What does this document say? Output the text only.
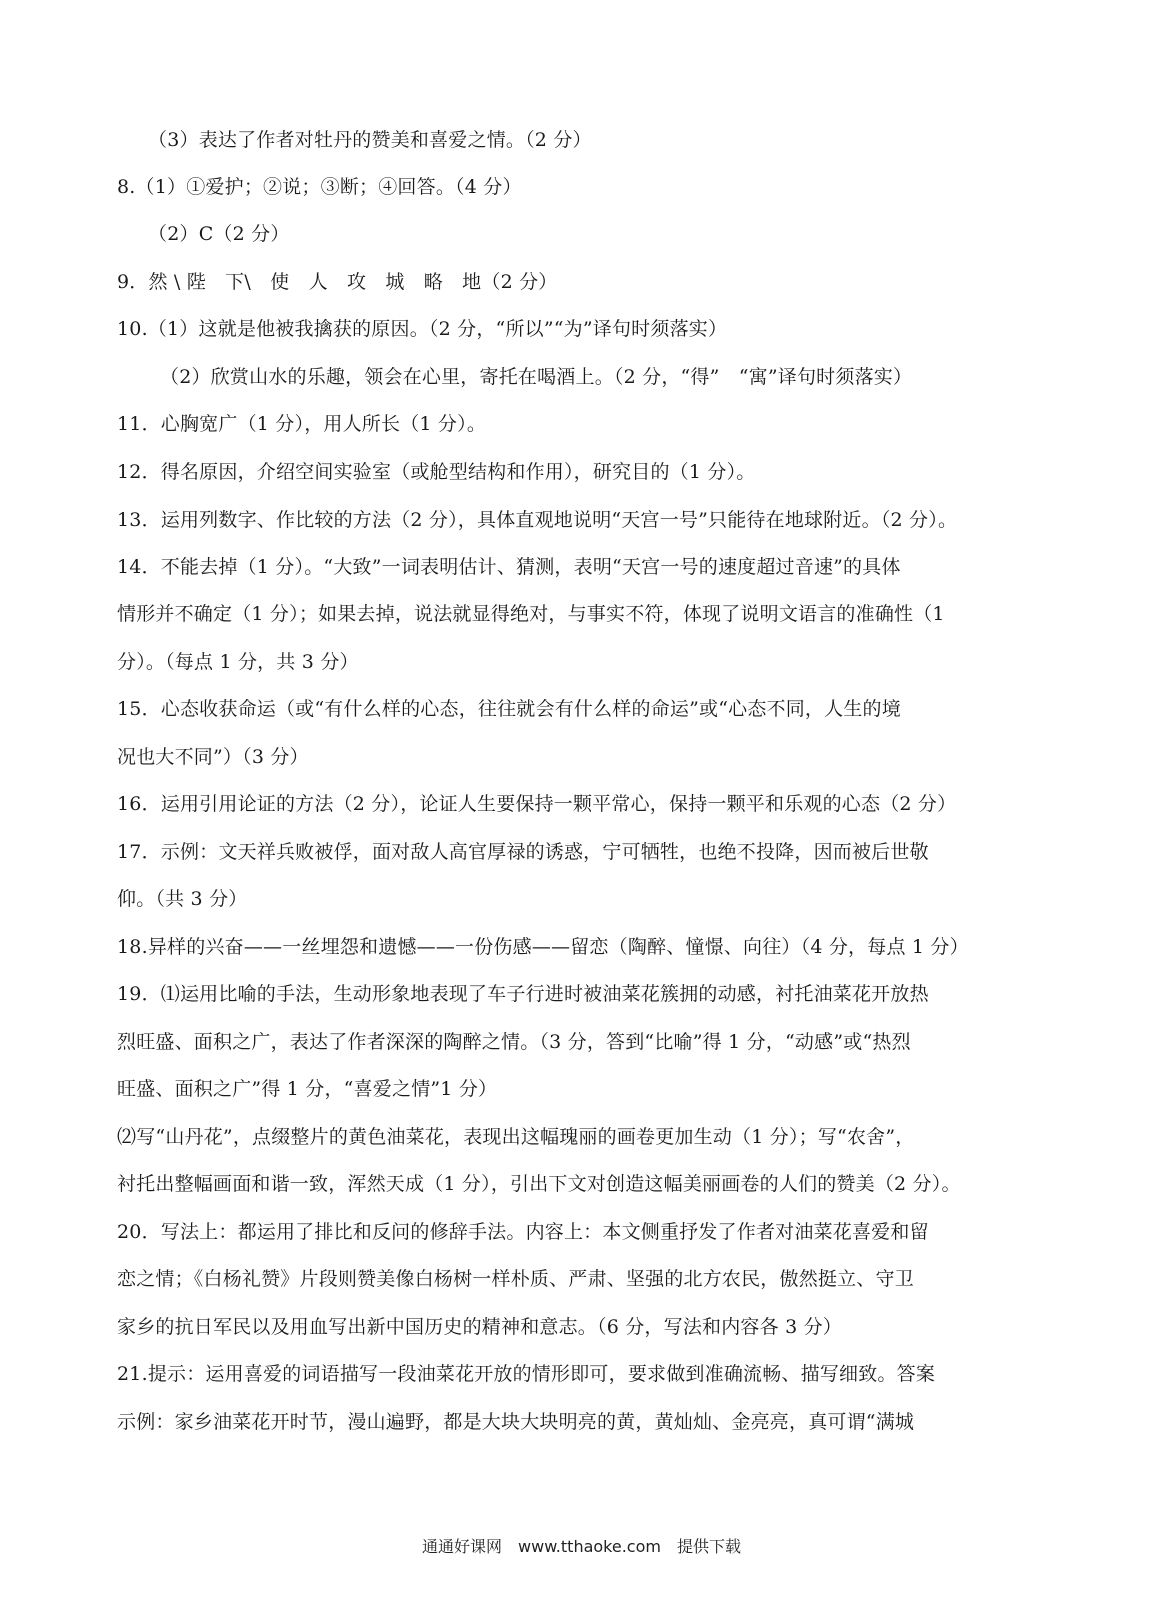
（3）表达了作者对牡丹的赞美和喜爱之情。（2 分）
8.（1）①爱护；②说；③断；④回答。（4 分）
（2）C（2 分）
9．然 \ 陛　下\　使　人　攻　城　略　地（2 分）
10.（1）这就是他被我擒获的原因。（2 分，“所以”“为”译句时须落实）
（2）欣赏山水的乐趣，领会在心里，寄托在喝酒上。（2 分，“得”　“寓”译句时须落实）
11．心胸宽广（1 分），用人所长（1 分）。
12．得名原因，介绍空间实验室（或舱型结构和作用），研究目的（1 分）。
13．运用列数字、作比较的方法（2 分），具体直观地说明“天宫一号”只能待在地球附近。（2 分）。
14．不能去掉（1 分）。“大致”一词表明估计、猜测，表明“天宫一号的速度超过音速”的具体
情形并不确定（1 分）；如果去掉，说法就显得绝对，与事实不符，体现了说明文语言的准确性（1
分）。（每点 1 分，共 3 分）
15．心态收获命运（或“有什么样的心态，往往就会有什么样的命运”或“心态不同，人生的境
况也大不同”）（3 分）
16．运用引用论证的方法（2 分），论证人生要保持一颗平常心，保持一颗平和乐观的心态（2 分）
17．示例：文天祥兵败被俘，面对敌人高官厚禄的诱惑，宁可牺牲，也绝不投降，因而被后世敬
仰。（共 3 分）
18.异样的兴奋——一丝埋怨和遗憾——一份伤感——留恋（陶醉、憧憬、向往）（4 分，每点 1 分）
19．⑴运用比喻的手法，生动形象地表现了车子行进时被油菜花簇拥的动感，衬托油菜花开放热
烈旺盛、面积之广，表达了作者深深的陶醉之情。（3 分，答到“比喻”得 1 分，“动感”或“热烈
旺盛、面积之广”得 1 分，“喜爱之情”1 分）
⑵写“山丹花”，点缀整片的黄色油菜花，表现出这幅瑰丽的画卷更加生动（1 分）；写“农舍”，
衬托出整幅画面和谐一致，浑然天成（1 分），引出下文对创造这幅美丽画卷的人们的赞美（2 分）。
20．写法上：都运用了排比和反问的修辞手法。内容上：本文侧重抒发了作者对油菜花喜爱和留
恋之情；《白杨礼赞》片段则赞美像白杨树一样朴质、严肃、坚强的北方农民，傲然挺立、守卫
家乡的抗日军民以及用血写出新中国历史的精神和意志。（6 分，写法和内容各 3 分）
21.提示：运用喜爱的词语描写一段油菜花开放的情形即可，要求做到准确流畅、描写细致。答案
示例：家乡油菜花开时节，漫山遍野，都是大块大块明亮的黄，黄灿灿、金亮亮，真可谓“满城
通通好课网　www.tthaoke.com　提供下载
